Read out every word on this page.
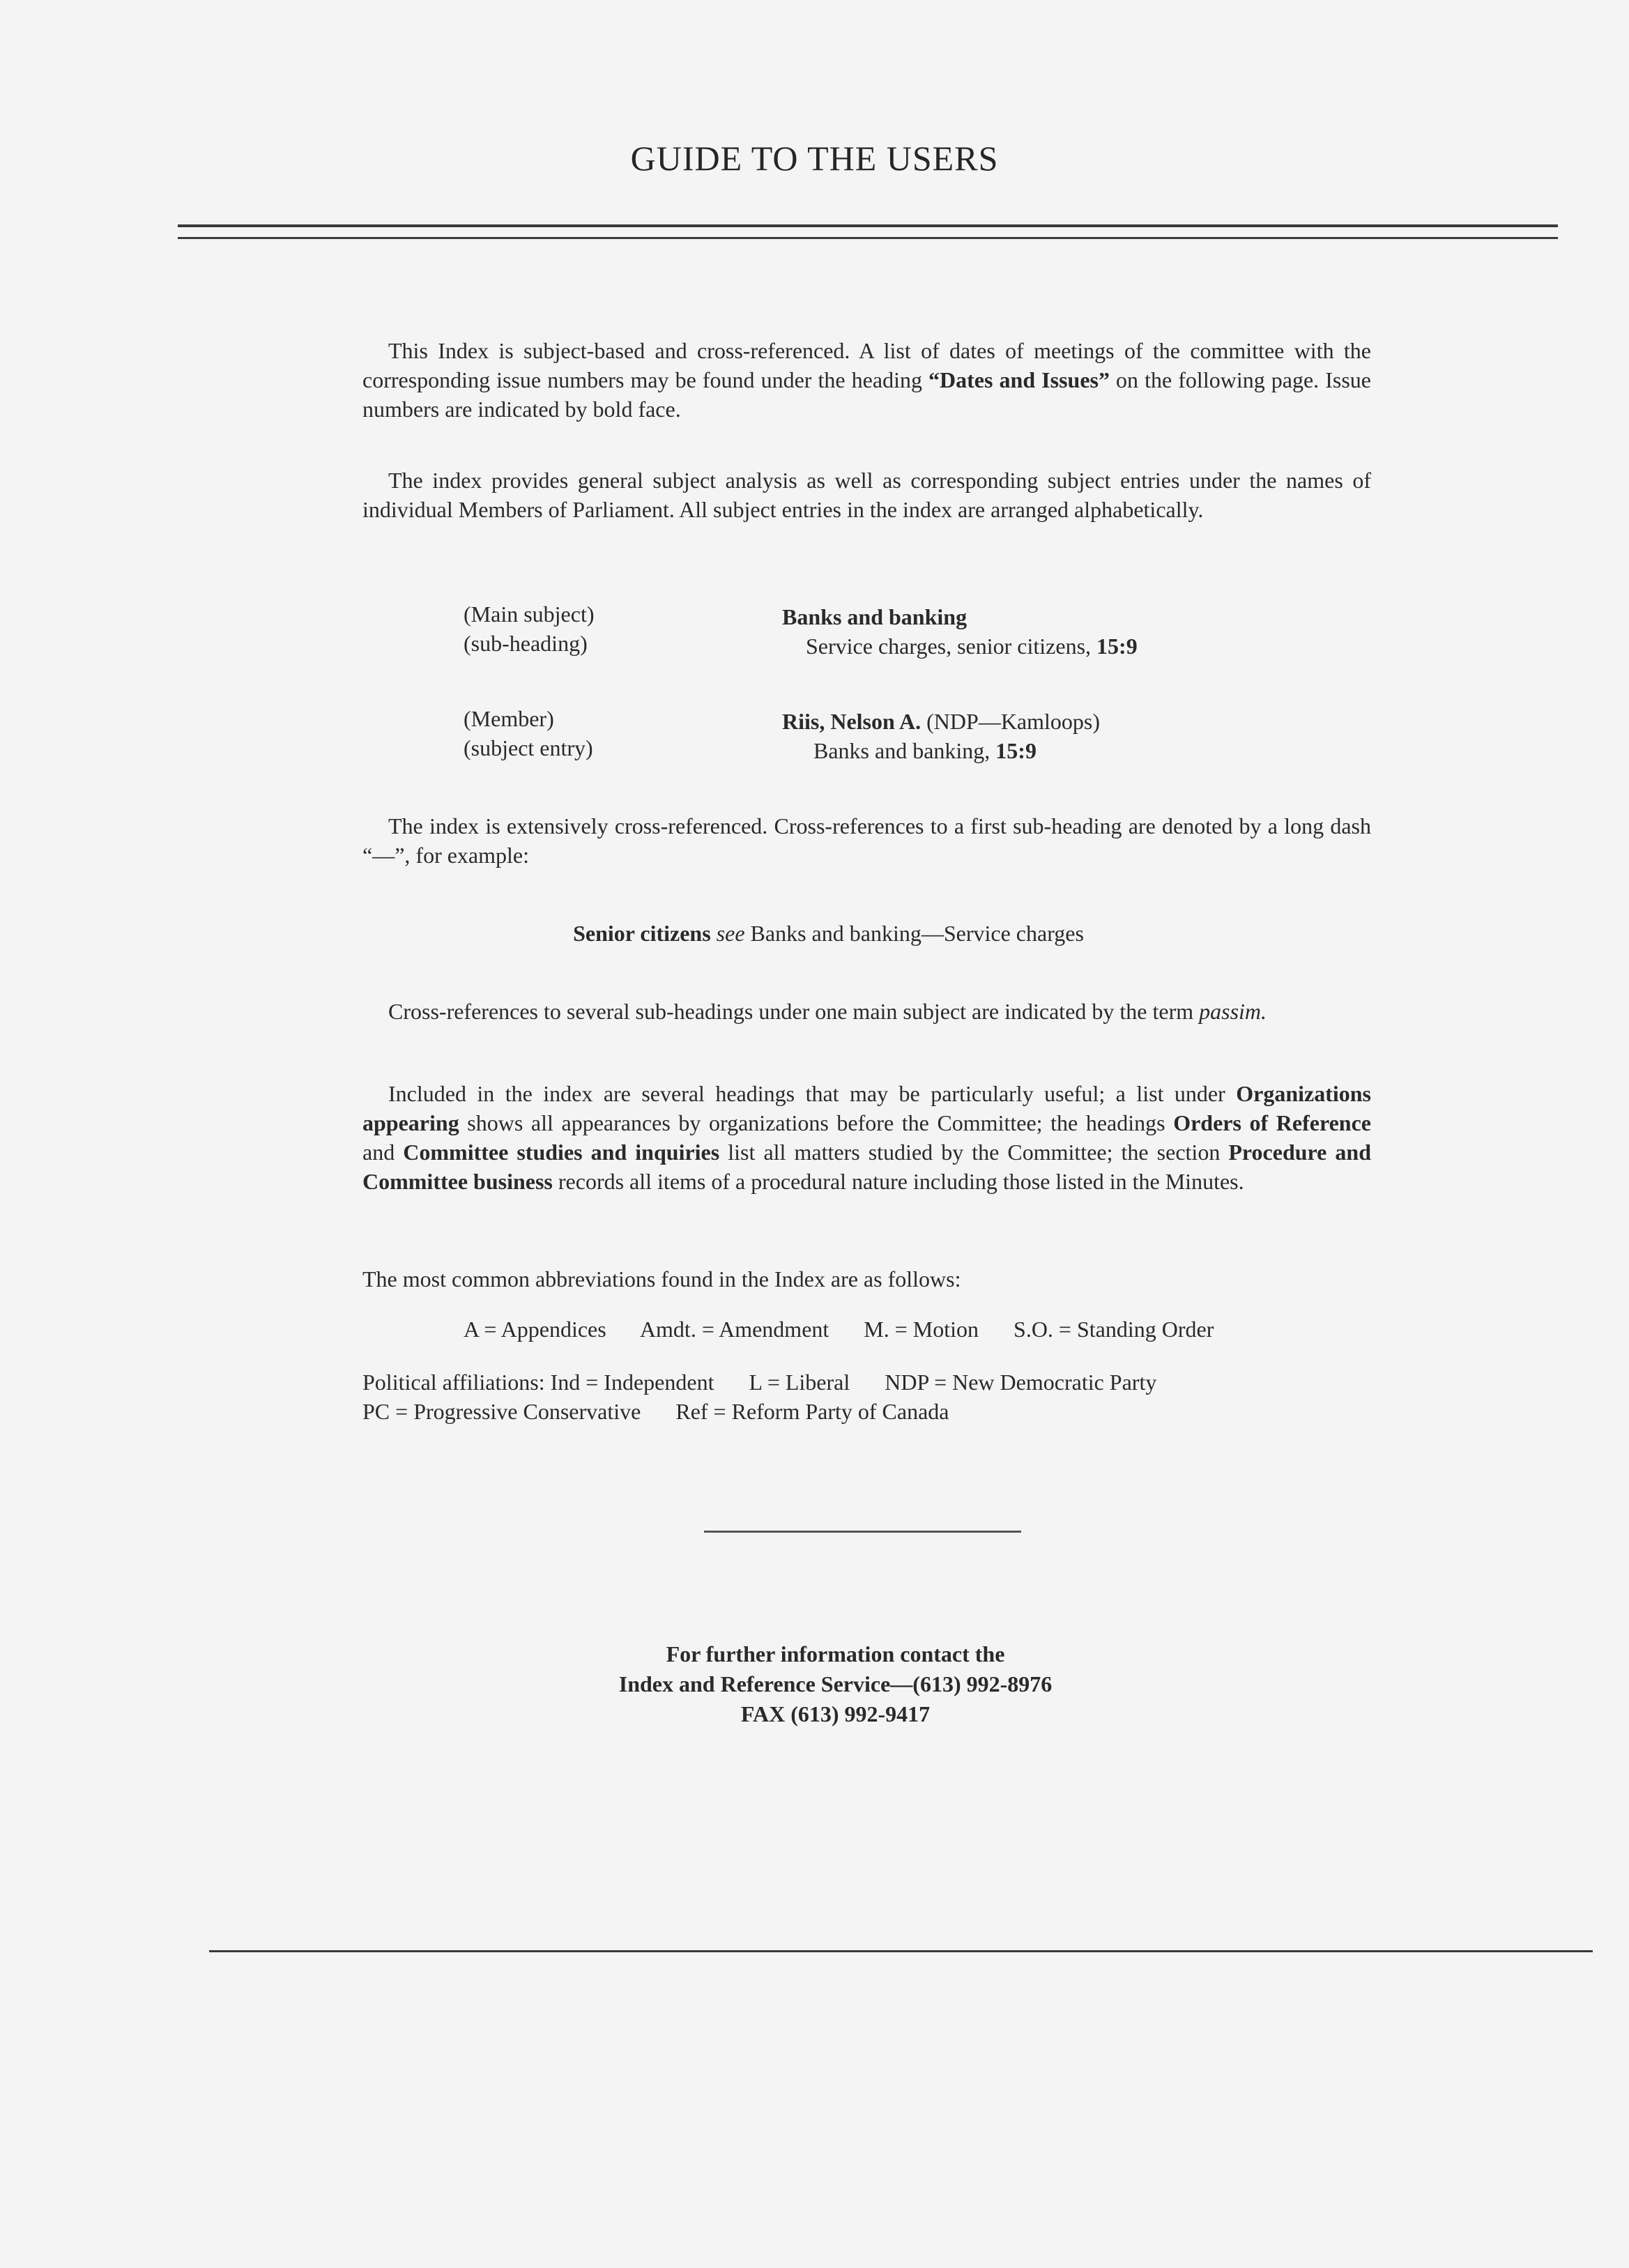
GUIDE TO THE USERS

This Index is subject-based and cross-referenced. A list of dates of meetings of the committee with the corresponding issue numbers may be found under the heading “Dates and Issues” on the following page. Issue numbers are indicated by bold face.

The index provides general subject analysis as well as corresponding subject entries under the names of individual Members of Parliament. All subject entries in the index are arranged alphabetically.

(Main subject)
(sub-heading)
Banks and banking
Service charges, senior citizens, 15:9
(Member)
(subject entry)
Riis, Nelson A. (NDP—Kamloops)
Banks and banking, 15:9

The index is extensively cross-referenced. Cross-references to a first sub-heading are denoted by a long dash “—”, for example:

Senior citizens see Banks and banking—Service charges

Cross-references to several sub-headings under one main subject are indicated by the term passim.

Included in the index are several headings that may be particularly useful; a list under Organizations appearing shows all appearances by organizations before the Committee; the headings Orders of Reference and Committee studies and inquiries list all matters studied by the Committee; the section Procedure and Committee business records all items of a procedural nature including those listed in the Minutes.

The most common abbreviations found in the Index are as follows:

A = Appendices Amdt. = Amendment M. = Motion S.O. = Standing Order
Political affiliations: Ind = Independent L = Liberal NDP = New Democratic Party
PC = Progressive Conservative Ref = Reform Party of Canada
For further information contact the
Index and Reference Service—(613) 992-8976
FAX (613) 992-9417
